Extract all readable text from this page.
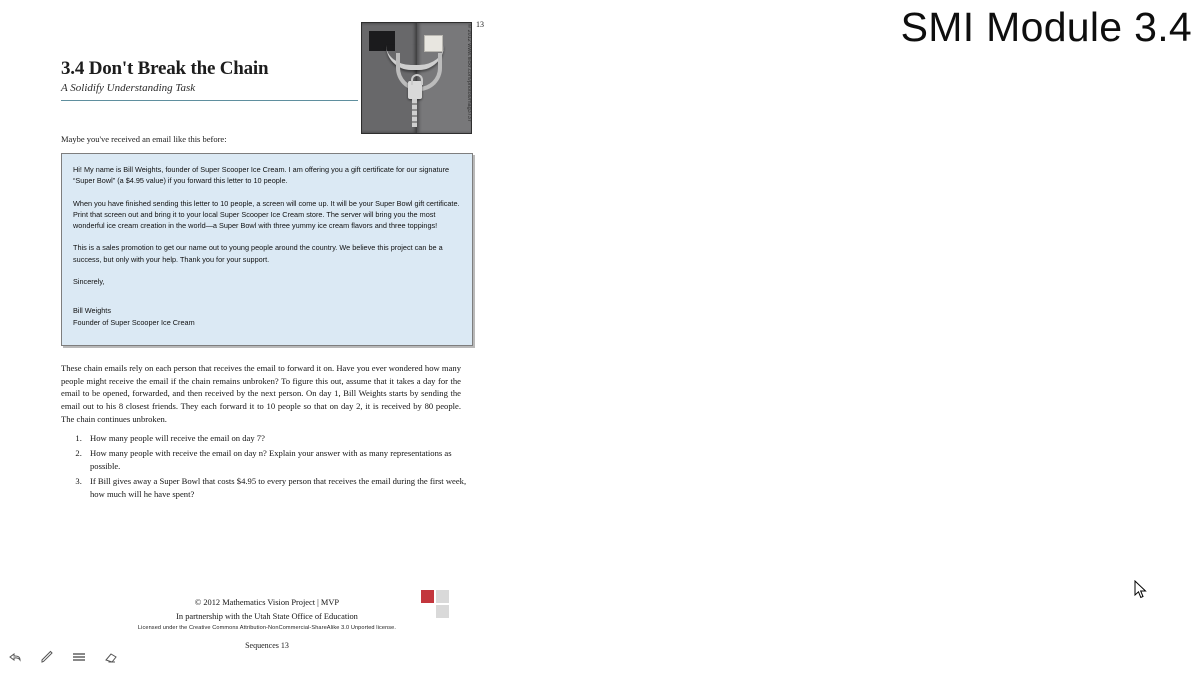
SMI Module 3.4
13
© 2012 www.flickr.com/photos/mag3737
3.4 Don't Break the Chain
A Solidify Understanding Task
Maybe you've received an email like this before:

Hi! My name is Bill Weights, founder of Super Scooper Ice Cream. I am offering you a gift certificate for our signature “Super Bowl” (a $4.95 value) if you forward this letter to 10 people.

When you have finished sending this letter to 10 people, a screen will come up. It will be your Super Bowl gift certificate. Print that screen out and bring it to your local Super Scooper Ice Cream store. The server will bring you the most wonderful ice cream creation in the world—a Super Bowl with three yummy ice cream flavors and three toppings!

This is a sales promotion to get our name out to young people around the country. We believe this project can be a success, but only with your help. Thank you for your support.

Sincerely,

Bill Weights

Founder of Super Scooper Ice Cream

These chain emails rely on each person that receives the email to forward it on. Have you ever wondered how many people might receive the email if the chain remains unbroken? To figure this out, assume that it takes a day for the email to be opened, forwarded, and then received by the next person. On day 1, Bill Weights starts by sending the email out to his 8 closest friends. They each forward it to 10 people so that on day 2, it is received by 80 people. The chain continues unbroken.
1. How many people will receive the email on day 7?
2. How many people with receive the email on day n? Explain your answer with as many representations as possible.
3. If Bill gives away a Super Bowl that costs $4.95 to every person that receives the email during the first week, how much will he have spent?
© 2012 Mathematics Vision Project | MVP
In partnership with the Utah State Office of Education
Licensed under the Creative Commons Attribution-NonCommercial-ShareAlike 3.0 Unported license.
Sequences 13
